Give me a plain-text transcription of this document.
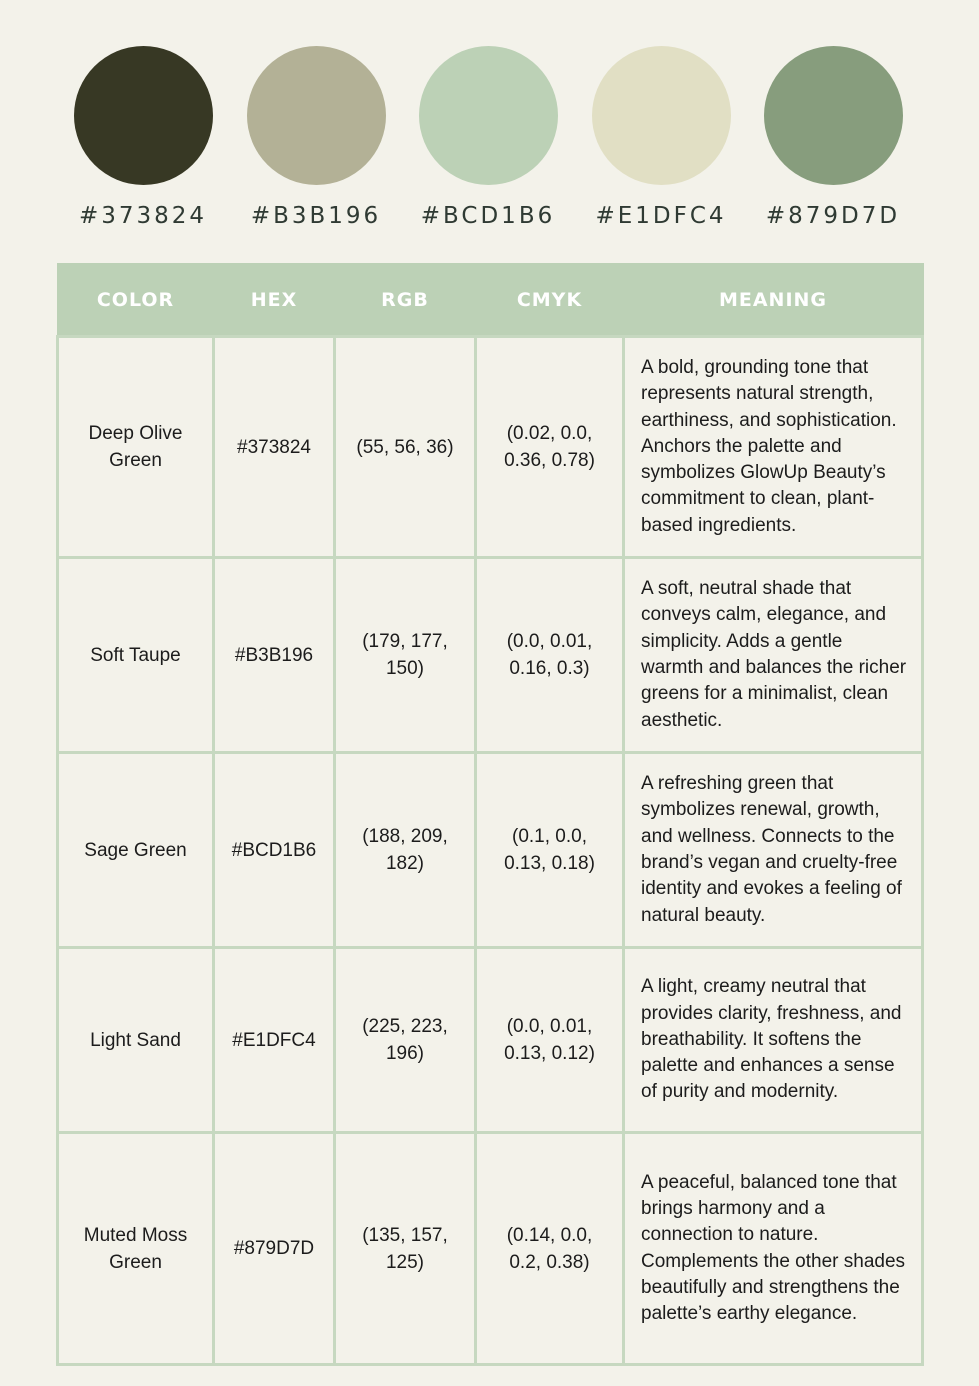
#373824	#B3B196	#BCD1B6	#E1DFC4	#879D7D
COLOR	HEX	RGB	CMYK	MEANING
Deep Olive Green	#373824	(55, 56, 36)	(0.02, 0.0, 0.36, 0.78)	A bold, grounding tone that represents natural strength, earthiness, and sophistication. Anchors the palette and symbolizes GlowUp Beauty’s commitment to clean, plant-based ingredients.
Soft Taupe	#B3B196	(179, 177, 150)	(0.0, 0.01, 0.16, 0.3)	A soft, neutral shade that conveys calm, elegance, and simplicity. Adds a gentle warmth and balances the richer greens for a minimalist, clean aesthetic.
Sage Green	#BCD1B6	(188, 209, 182)	(0.1, 0.0, 0.13, 0.18)	A refreshing green that symbolizes renewal, growth, and wellness. Connects to the brand’s vegan and cruelty-free identity and evokes a feeling of natural beauty.
Light Sand	#E1DFC4	(225, 223, 196)	(0.0, 0.01, 0.13, 0.12)	A light, creamy neutral that provides clarity, freshness, and breathability. It softens the palette and enhances a sense of purity and modernity.
Muted Moss Green	#879D7D	(135, 157, 125)	(0.14, 0.0, 0.2, 0.38)	A peaceful, balanced tone that brings harmony and a connection to nature. Complements the other shades beautifully and strengthens the palette’s earthy elegance.
